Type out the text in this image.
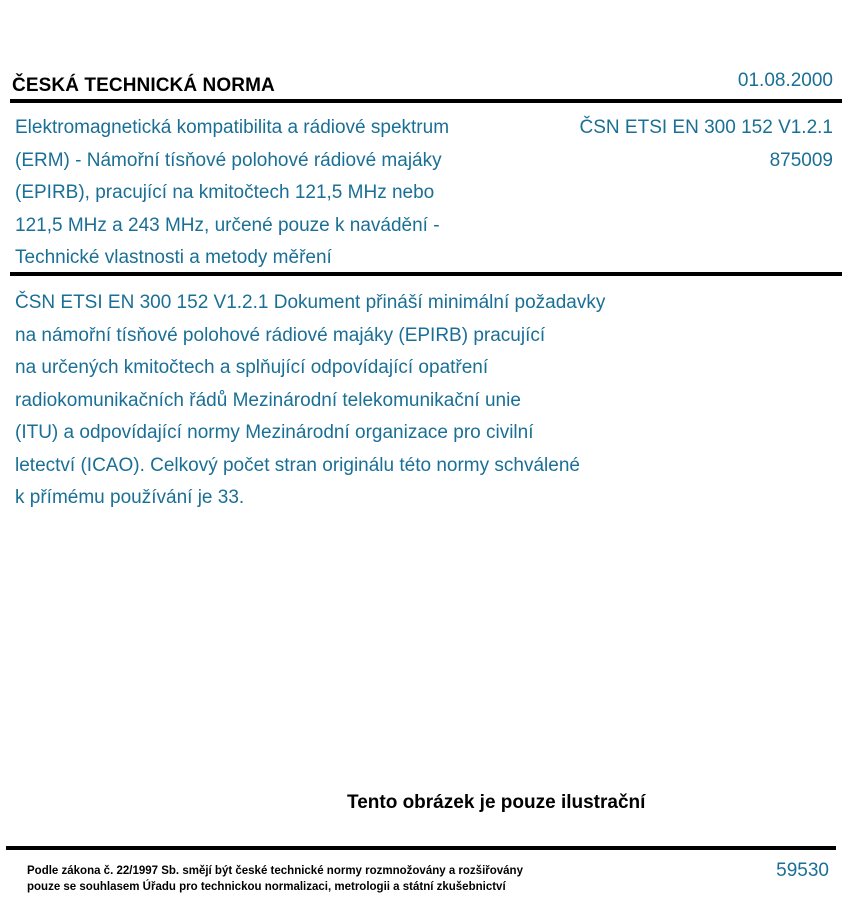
ČESKÁ TECHNICKÁ NORMA	01.08.2000
Elektromagnetická kompatibilita a rádiové spektrum
(ERM) - Námořní tísňové polohové rádiové majáky
(EPIRB), pracující na kmitočtech 121,5 MHz nebo
121,5 MHz a 243 MHz, určené pouze k navádění -
Technické vlastnosti a metody měření
ČSN ETSI EN 300 152 V1.2.1
875009
ČSN ETSI EN 300 152 V1.2.1 Dokument přináší minimální požadavky
na námořní tísňové polohové rádiové majáky (EPIRB) pracující
na určených kmitočtech a splňující odpovídající opatření
radiokomunikačních řádů Mezinárodní telekomunikační unie
(ITU) a odpovídající normy Mezinárodní organizace pro civilní
letectví (ICAO). Celkový počet stran originálu této normy schválené
k přímému používání je 33.
Tento obrázek je pouze ilustrační
Podle zákona č. 22/1997 Sb. smějí být české technické normy rozmnožovány a rozšiřovány
pouze se souhlasem Úřadu pro technickou normalizaci, metrologii a státní zkušebnictví
59530
